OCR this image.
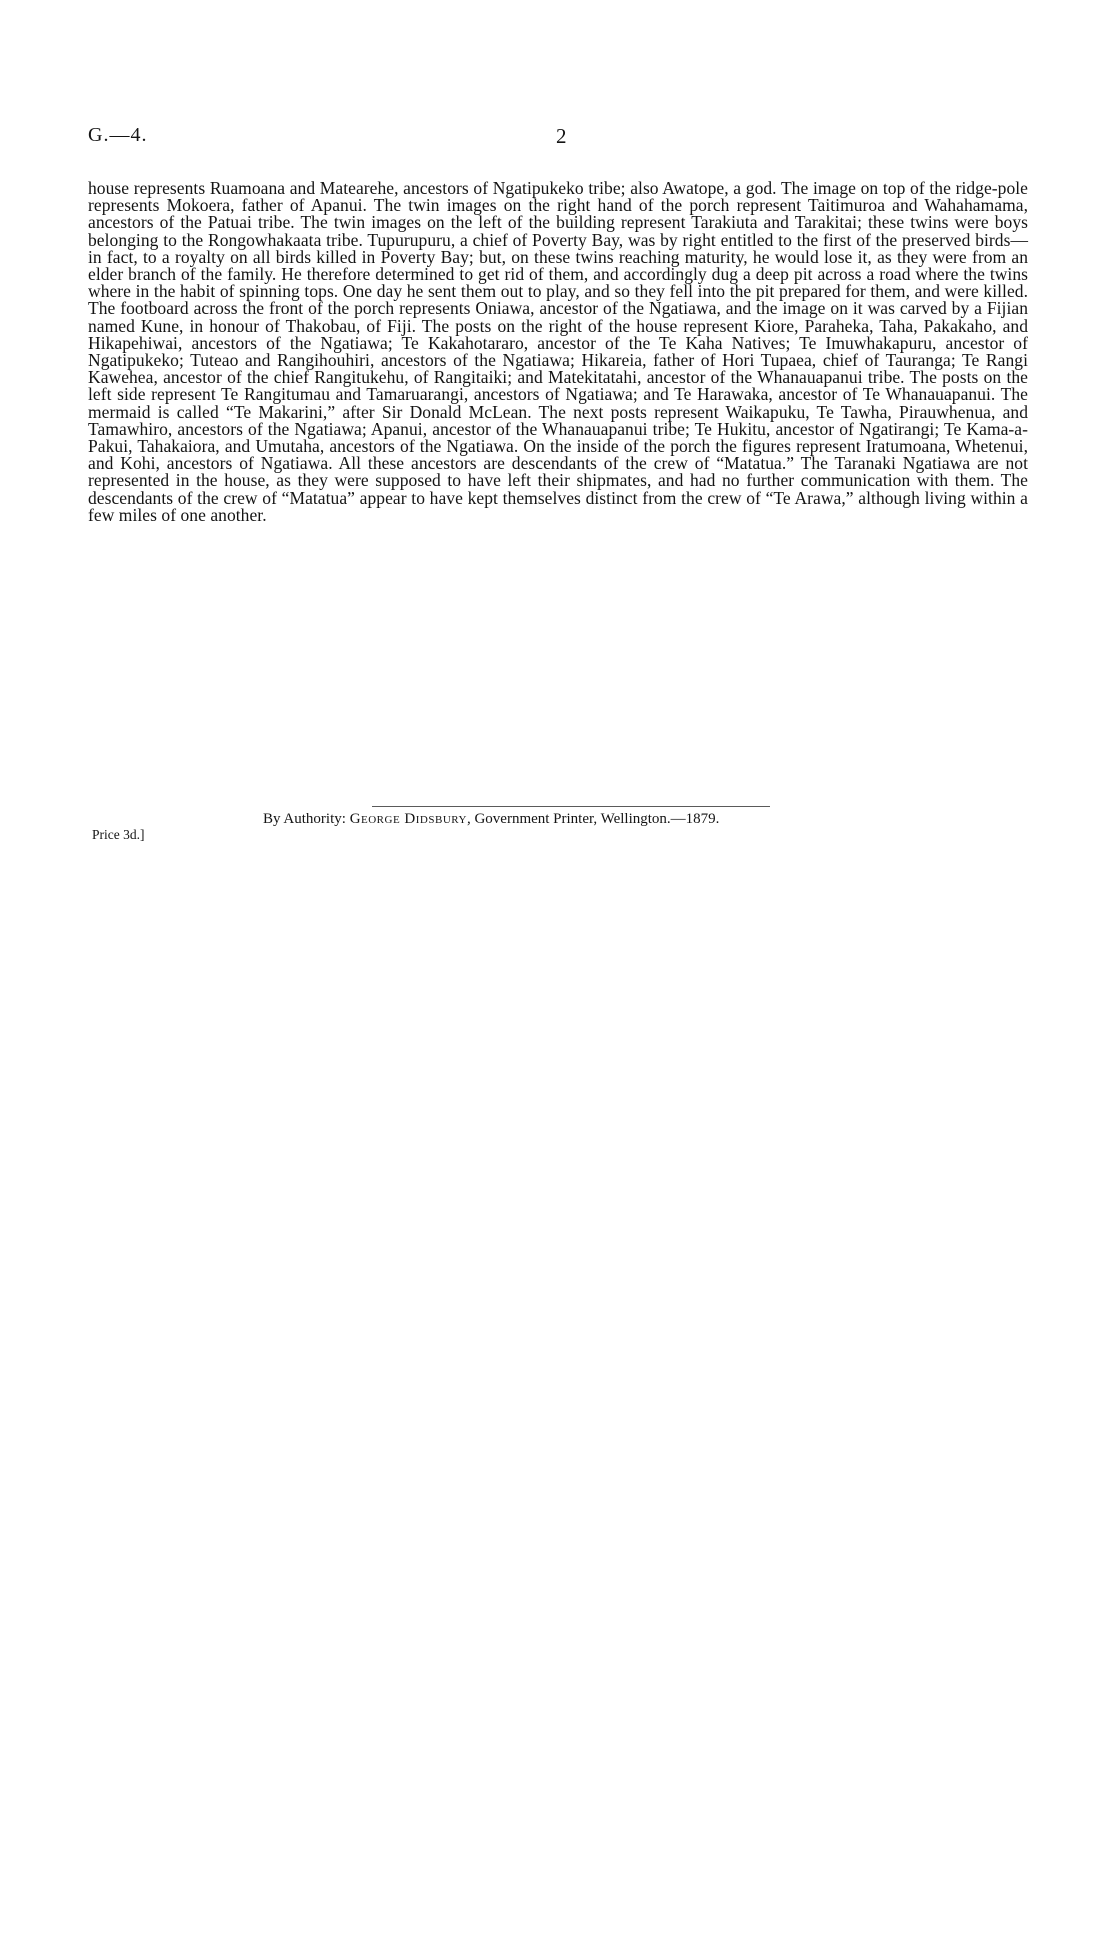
G.—4.	2

house represents Ruamoana and Matearehe, ancestors of Ngatipukeko tribe; also Awatope, a god. The image on top of the ridge-pole represents Mokoera, father of Apanui. The twin images on the right hand of the porch represent Taitimuroa and Wahahamama, ancestors of the Patuai tribe. The twin images on the left of the building represent Tarakiuta and Tarakitai; these twins were boys belonging to the Rongowhakaata tribe. Tupurupuru, a chief of Poverty Bay, was by right entitled to the first of the preserved birds—in fact, to a royalty on all birds killed in Poverty Bay; but, on these twins reaching maturity, he would lose it, as they were from an elder branch of the family. He therefore determined to get rid of them, and accordingly dug a deep pit across a road where the twins where in the habit of spinning tops. One day he sent them out to play, and so they fell into the pit prepared for them, and were killed. The footboard across the front of the porch represents Oniawa, ancestor of the Ngatiawa, and the image on it was carved by a Fijian named Kune, in honour of Thakobau, of Fiji. The posts on the right of the house represent Kiore, Paraheka, Taha, Pakakaho, and Hikapehiwai, ancestors of the Ngatiawa; Te Kakahotararo, ancestor of the Te Kaha Natives; Te Imuwhakapuru, ancestor of Ngatipukeko; Tuteao and Rangihouhiri, ancestors of the Ngatiawa; Hikareia, father of Hori Tupaea, chief of Tauranga; Te Rangi Kawehea, ancestor of the chief Rangitukehu, of Rangitaiki; and Matekitatahi, ancestor of the Whanauapanui tribe. The posts on the left side represent Te Rangitumau and Tamaruarangi, ancestors of Ngatiawa; and Te Harawaka, ancestor of Te Whanauapanui. The mermaid is called “Te Makarini,” after Sir Donald McLean. The next posts represent Waikapuku, Te Tawha, Pirauwhenua, and Tamawhiro, ancestors of the Ngatiawa; Apanui, ancestor of the Whanauapanui tribe; Te Hukitu, ancestor of Ngatirangi; Te Kama-a-Pakui, Tahakaiora, and Umutaha, ancestors of the Ngatiawa. On the inside of the porch the figures represent Iratumoana, Whetenui, and Kohi, ancestors of Ngatiawa. All these ancestors are descendants of the crew of “Matatua.” The Taranaki Ngatiawa are not represented in the house, as they were supposed to have left their shipmates, and had no further communication with them. The descendants of the crew of “Matatua” appear to have kept themselves distinct from the crew of “Te Arawa,” although living within a few miles of one another.

By Authority: George Didsbury, Government Printer, Wellington.—1879.
Price 3d.]
